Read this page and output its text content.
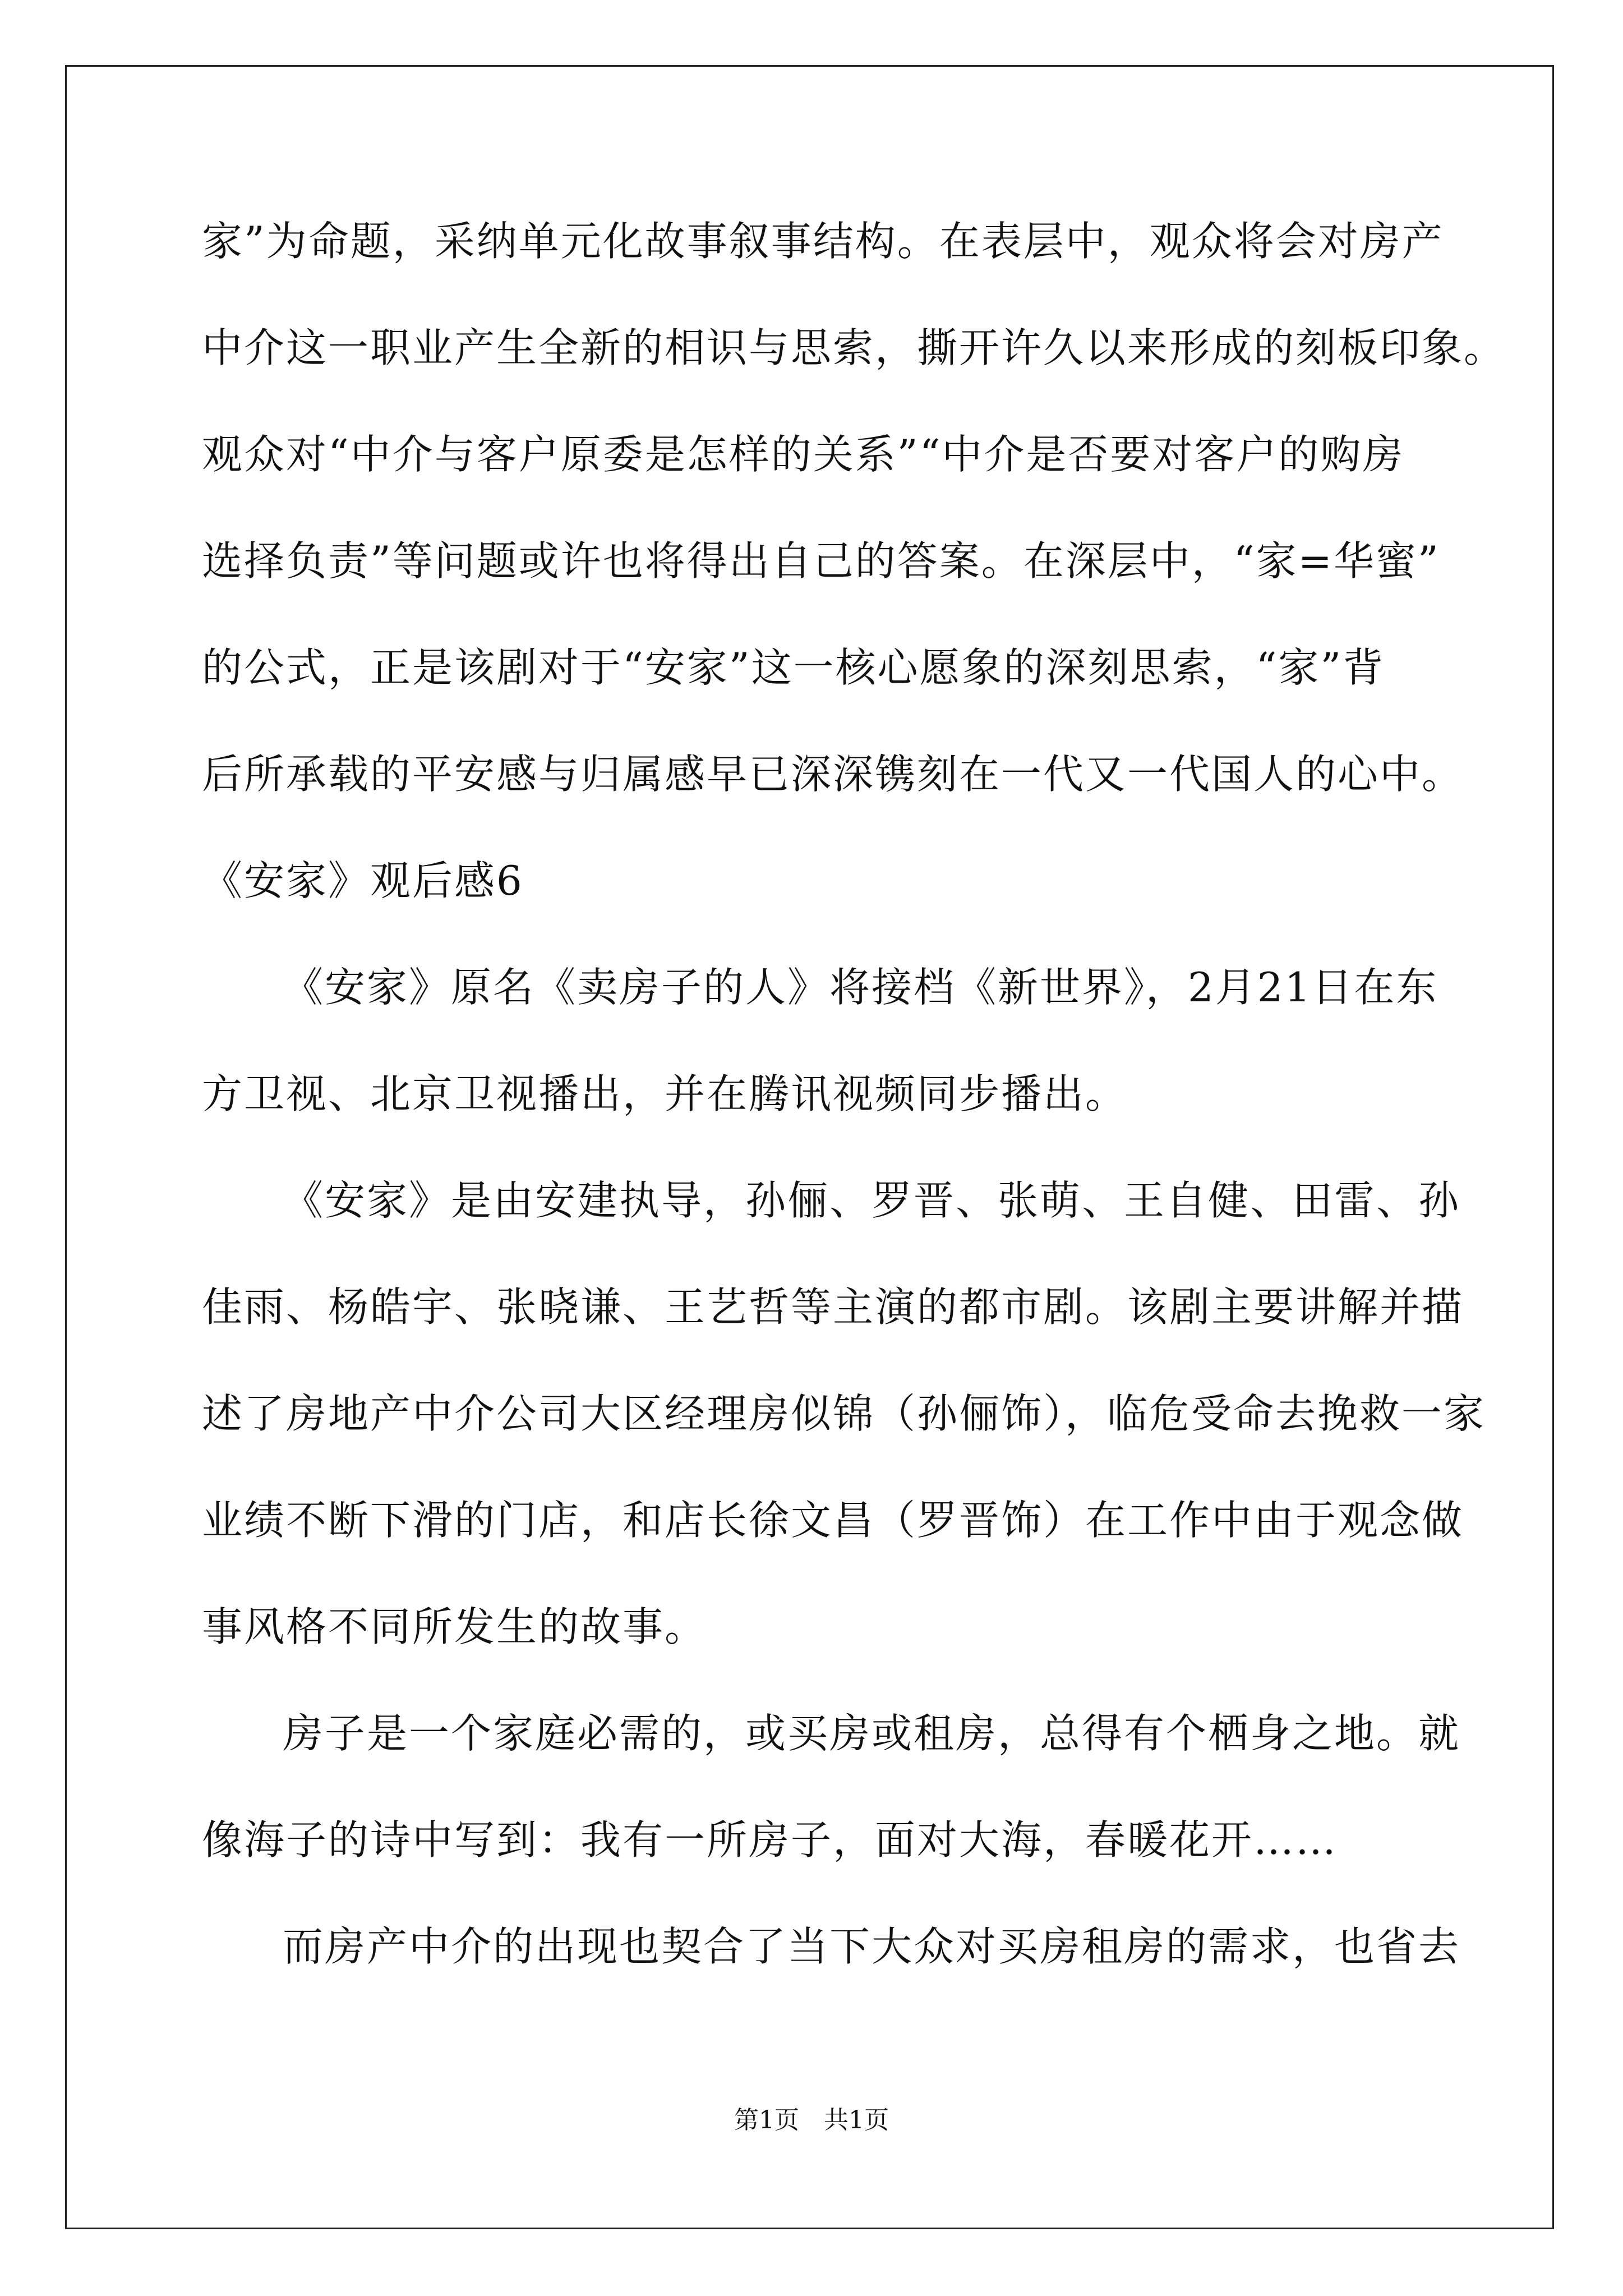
家”为命题，采纳单元化故事叙事结构。在表层中，观众将会对房产
中介这一职业产生全新的相识与思索，撕开许久以来形成的刻板印象。
观众对“中介与客户原委是怎样的关系”“中介是否要对客户的购房
选择负责”等问题或许也将得出自己的答案。在深层中，“家=华蜜”
的公式，正是该剧对于“安家”这一核心愿象的深刻思索，“家”背
后所承载的平安感与归属感早已深深镌刻在一代又一代国人的心中。
《安家》观后感6
《安家》原名《卖房子的人》将接档《新世界》，2月21日在东
方卫视、北京卫视播出，并在腾讯视频同步播出。
《安家》是由安建执导，孙俪、罗晋、张萌、王自健、田雷、孙
佳雨、杨皓宇、张晓谦、王艺哲等主演的都市剧。该剧主要讲解并描
述了房地产中介公司大区经理房似锦（孙俪饰），临危受命去挽救一家
业绩不断下滑的门店，和店长徐文昌（罗晋饰）在工作中由于观念做
事风格不同所发生的故事。
房子是一个家庭必需的，或买房或租房，总得有个栖身之地。就
像海子的诗中写到：我有一所房子，面对大海，春暖花开……
而房产中介的出现也契合了当下大众对买房租房的需求，也省去
第1页　共1页
